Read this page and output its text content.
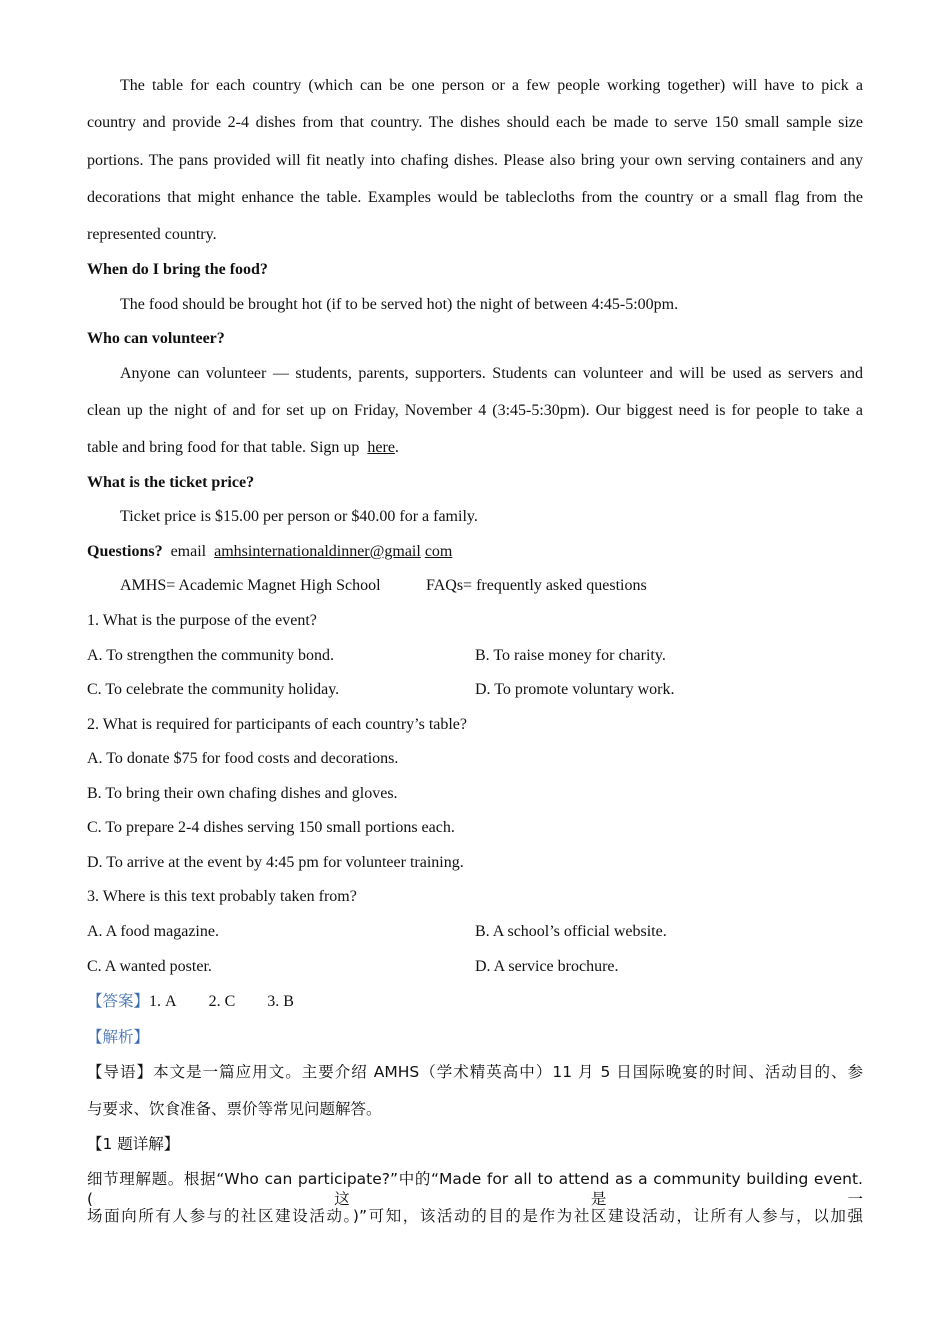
The table for each country (which can be one person or a few people working together) will have to pick a
country and provide 2-4 dishes from that country. The dishes should each be made to serve 150 small sample size
portions. The pans provided will fit neatly into chafing dishes. Please also bring your own serving containers and any
decorations that might enhance the table. Examples would be tablecloths from the country or a small flag from the
represented country.
When do I bring the food?
The food should be brought hot (if to be served hot) the night of between 4:45-5:00pm.
Who can volunteer?
Anyone can volunteer — students, parents, supporters. Students can volunteer and will be used as servers and
clean up the night of and for set up on Friday, November 4 (3:45-5:30pm). Our biggest need is for people to take a
table and bring food for that table. Sign up here.
What is the ticket price?
Ticket price is $15.00 per person or $40.00 for a family.
Questions? email amhsinternationaldinner@gmail com
AMHS= Academic Magnet High School	FAQs= frequently asked questions
1. What is the purpose of the event?
A. To strengthen the community bond.	B. To raise money for charity.
C. To celebrate the community holiday.	D. To promote voluntary work.
2. What is required for participants of each country’s table?
A. To donate $75 for food costs and decorations.
B. To bring their own chafing dishes and gloves.
C. To prepare 2-4 dishes serving 150 small portions each.
D. To arrive at the event by 4:45 pm for volunteer training.
3. Where is this text probably taken from?
A. A food magazine.	B. A school’s official website.
C. A wanted poster.	D. A service brochure.
【答案】1. A 2. C 3. B
【解析】
【导语】本文是一篇应用文。主要介绍 AMHS（学术精英高中）11 月 5 日国际晚宴的时间、活动目的、参
与要求、饮食准备、票价等常见问题解答。
【1 题详解】
细节理解题。根据“Who can participate?”中的“Made for all to attend as a community building event.(这是一
场面向所有人参与的社区建设活动。)”可知，该活动的目的是作为社区建设活动，让所有人参与，以加强
